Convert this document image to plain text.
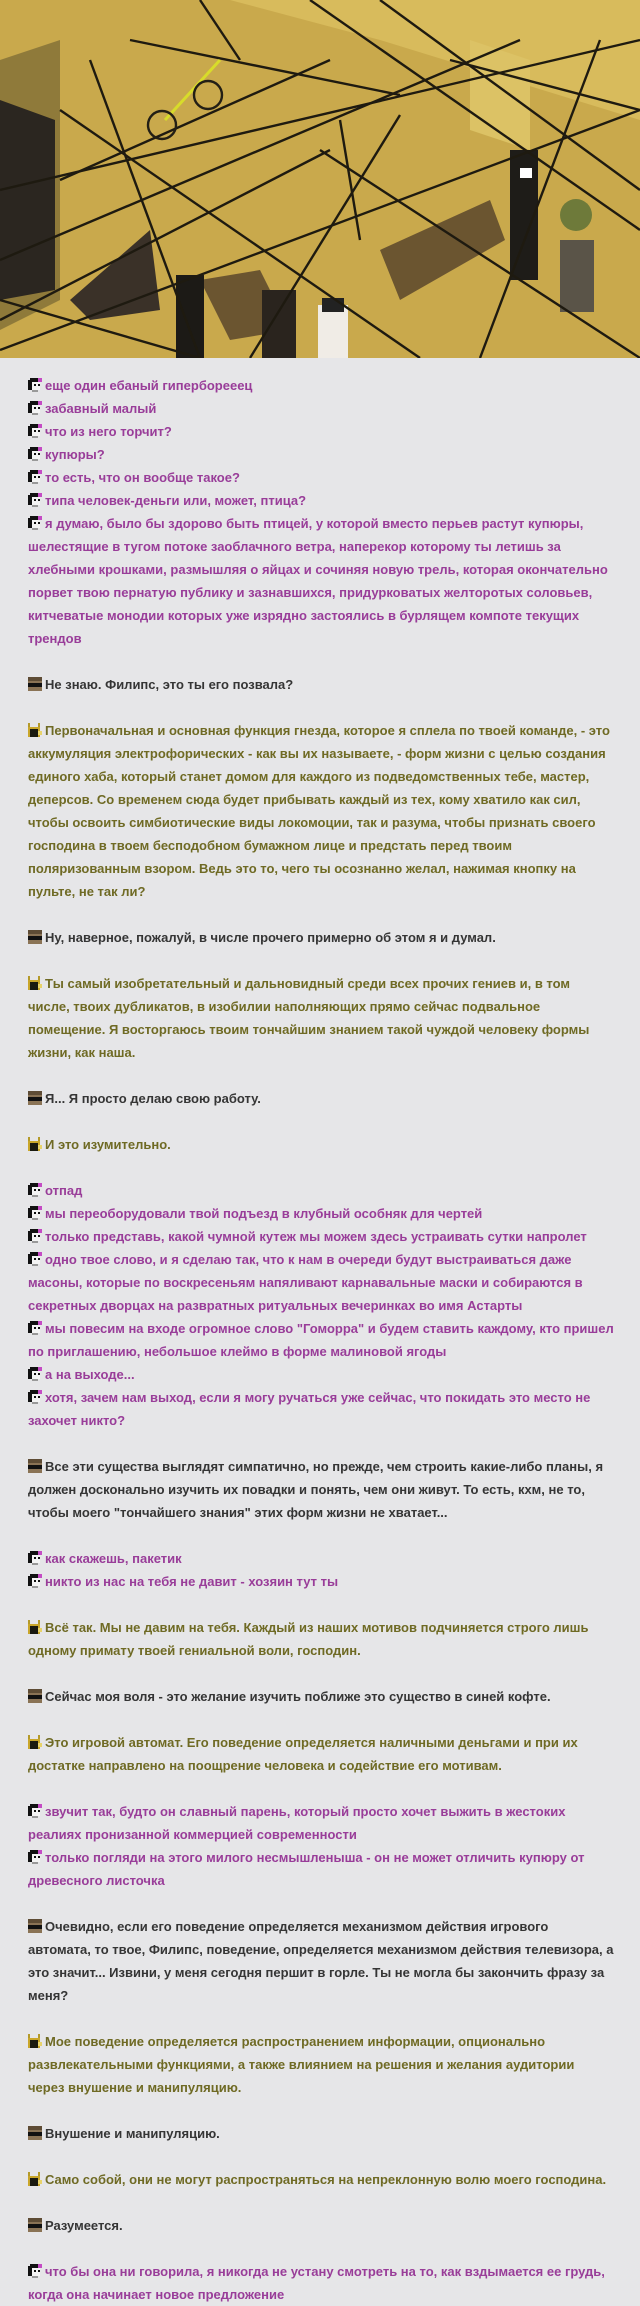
еще один ебаный гиперборееец
забавный малый
что из него торчит?
купюры?
то есть, что он вообще такое?
типа человек-деньги или, может, птица?
я думаю, было бы здорово быть птицей, у которой вместо перьев растут купюры, шелестящие в тугом потоке заоблачного ветра, наперекор которому ты летишь за хлебными крошками, размышляя о яйцах и сочиняя новую трель, которая окончательно порвет твою пернатую публику и зазнавшихся, придурковатых желторотых соловьев, китчеватые монодии которых уже изрядно застоялись в бурлящем компоте текущих трендов
Не знаю. Филипс, это ты его позвала?
Первоначальная и основная функция гнезда, которое я сплела по твоей команде, - это аккумуляция электрофорических - как вы их называете, - форм жизни с целью создания единого хаба, который станет домом для каждого из подведомственных тебе, мастер, деперсов. Со временем сюда будет прибывать каждый из тех, кому хватило как сил, чтобы освоить симбиотические виды локомоции, так и разума, чтобы признать своего господина в твоем бесподобном бумажном лице и предстать перед твоим поляризованным взором. Ведь это то, чего ты осознанно желал, нажимая кнопку на пульте, не так ли?
Ну, наверное, пожалуй, в числе прочего примерно об этом я и думал.
Ты самый изобретательный и дальновидный среди всех прочих гениев и, в том числе, твоих дубликатов, в изобилии наполняющих прямо сейчас подвальное помещение. Я восторгаюсь твоим тончайшим знанием такой чуждой человеку формы жизни, как наша.
Я... Я просто делаю свою работу.
И это изумительно.
отпад
мы переоборудовали твой подъезд в клубный особняк для чертей
только представь, какой чумной кутеж мы можем здесь устраивать сутки напролет
одно твое слово, и я сделаю так, что к нам в очереди будут выстраиваться даже масоны, которые по воскресеньям напяливают карнавальные маски и собираются в секретных дворцах на развратных ритуальных вечеринках во имя Астарты
мы повесим на входе огромное слово "Гоморра" и будем ставить каждому, кто пришел по приглашению, небольшое клеймо в форме малиновой ягоды
а на выходе...
хотя, зачем нам выход, если я могу ручаться уже сейчас, что покидать это место не захочет никто?
Все эти существа выглядят симпатично, но прежде, чем строить какие-либо планы, я должен досконально изучить их повадки и понять, чем они живут. То есть, кхм, не то, чтобы моего "тончайшего знания" этих форм жизни не хватает...
как скажешь, пакетик
никто из нас на тебя не давит - хозяин тут ты
Всё так. Мы не давим на тебя. Каждый из наших мотивов подчиняется строго лишь одному примату твоей гениальной воли, господин.
Сейчас моя воля - это желание изучить поближе это существо в синей кофте.
Это игровой автомат. Его поведение определяется наличными деньгами и при их достатке направлено на поощрение человека и содействие его мотивам.
звучит так, будто он славный парень, который просто хочет выжить в жестоких реалиях пронизанной коммерцией современности
только погляди на этого милого несмышленыша - он не может отличить купюру от древесного листочка
Очевидно, если его поведение определяется механизмом действия игрового автомата, то твое, Филипс, поведение, определяется механизмом действия телевизора, а это значит... Извини, у меня сегодня першит в горле. Ты не могла бы закончить фразу за меня?
Мое поведение определяется распространением информации, опционально развлекательными функциями, а также влиянием на решения и желания аудитории через внушение и манипуляцию.
Внушение и манипуляцию.
Само собой, они не могут распространяться на непреклонную волю моего господина.
Разумеется.
что бы она ни говорила, я никогда не устану смотреть на то, как вздымается ее грудь, когда она начинает новое предложение
